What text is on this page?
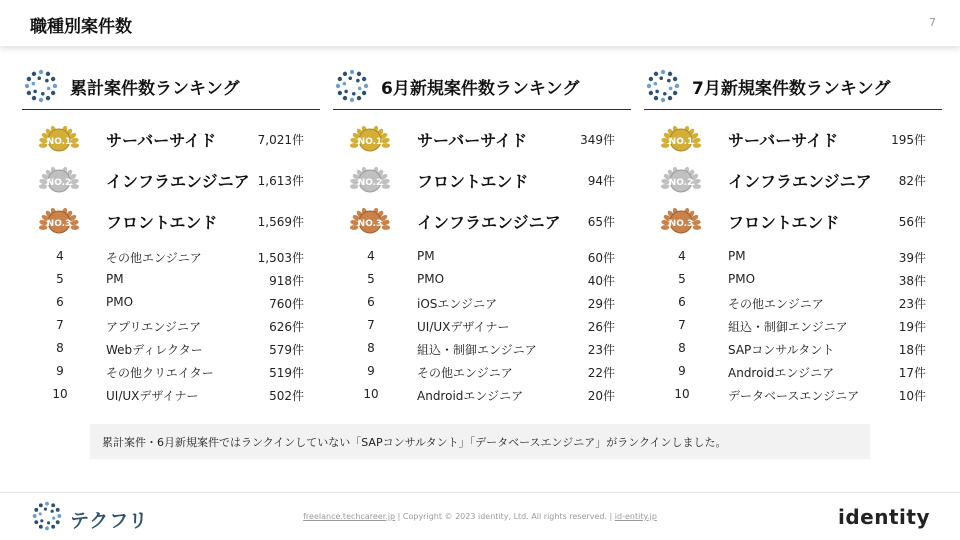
職種別案件数	7
累計案件数ランキング
NO.1 サーバーサイド	7,021件
NO.2 インフラエンジニア 1,613件
NO.3 フロントエンド	1,569件
4	その他エンジニア	1,503件
5	PM	918件
6	PMO	760件
7	アプリエンジニア	626件
8	Webディレクター	579件
9	その他クリエイター	519件
10	UI/UXデザイナー	502件
6月新規案件数ランキング
NO.1 サーバーサイド	349件
NO.2 フロントエンド	94件
NO.3 インフラエンジニア 65件
4	PM	60件
5	PMO	40件
6	iOSエンジニア	29件
7	UI/UXデザイナー	26件
8	組込・制御エンジニア	23件
9	その他エンジニア	22件
10	Androidエンジニア	20件
7月新規案件数ランキング
NO.1 サーバーサイド	195件
NO.2 インフラエンジニア 82件
NO.3 フロントエンド	56件
4	PM	39件
5	PMO	38件
6	その他エンジニア	23件
7	組込・制御エンジニア	19件
8	SAPコンサルタント	18件
9	Androidエンジニア	17件
10	データベースエンジニア	10件
累計案件・6月新規案件ではランクインしていない「SAPコンサルタント」「データベースエンジニア」がランクインしました。
テクフリ	freelance.techcareer.jp | Copyright © 2023 identity, Ltd. All rights reserved. | id-entity.jp	identity
